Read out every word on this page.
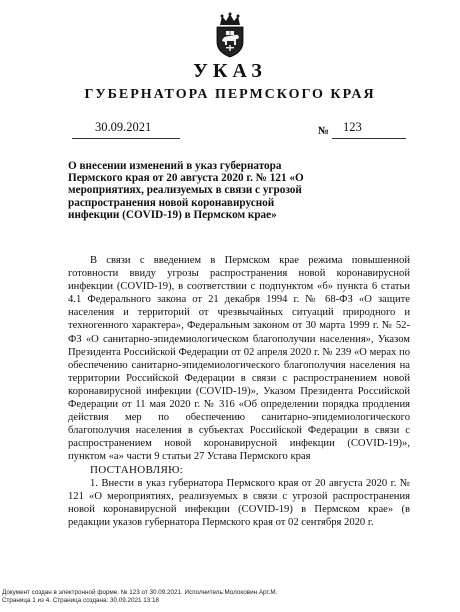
УКАЗ
ГУБЕРНАТОРА ПЕРМСКОГО КРАЯ
30.09.2021	№ 123
О внесении изменений в указ губернатора Пермского края от 20 августа 2020 г. № 121 «О мероприятиях, реализуемых в связи с угрозой распространения новой коронавирусной инфекции (COVID-19) в Пермском крае»

В связи с введением в Пермском крае режима повышенной готовности ввиду угрозы распространения новой коронавирусной инфекции (COVID-19), в соответствии с подпунктом «б» пункта 6 статьи 4.1 Федерального закона от 21 декабря 1994 г. № 68-ФЗ «О защите населения и территорий от чрезвычайных ситуаций природного и техногенного характера», Федеральным законом от 30 марта 1999 г. № 52-ФЗ «О санитарно-эпидемиологическом благополучии населения», Указом Президента Российской Федерации от 02 апреля 2020 г. № 239 «О мерах по обеспечению санитарно-эпидемиологического благополучия населения на территории Российской Федерации в связи с распространением новой коронавирусной инфекции (COVID-19)», Указом Президента Российской Федерации от 11 мая 2020 г. № 316 «Об определении порядка продления действия мер по обеспечению санитарно-эпидемиологического благополучия населения в субъектах Российской Федерации в связи с распространением новой коронавирусной инфекции (COVID-19)», пунктом «а» части 9 статьи 27 Устава Пермского края

ПОСТАНОВЛЯЮ:

1. Внести в указ губернатора Пермского края от 20 августа 2020 г. № 121 «О мероприятиях, реализуемых в связи с угрозой распространения новой коронавирусной инфекции (COVID-19) в Пермском крае» (в редакции указов губернатора Пермского края от 02 сентября 2020 г.

Документ создан в электронной форме. № 123 от 30.09.2021. Исполнитель:Молоковин Арт.М.
Страница 1 из 4. Страница создана: 30.09.2021 13:18
